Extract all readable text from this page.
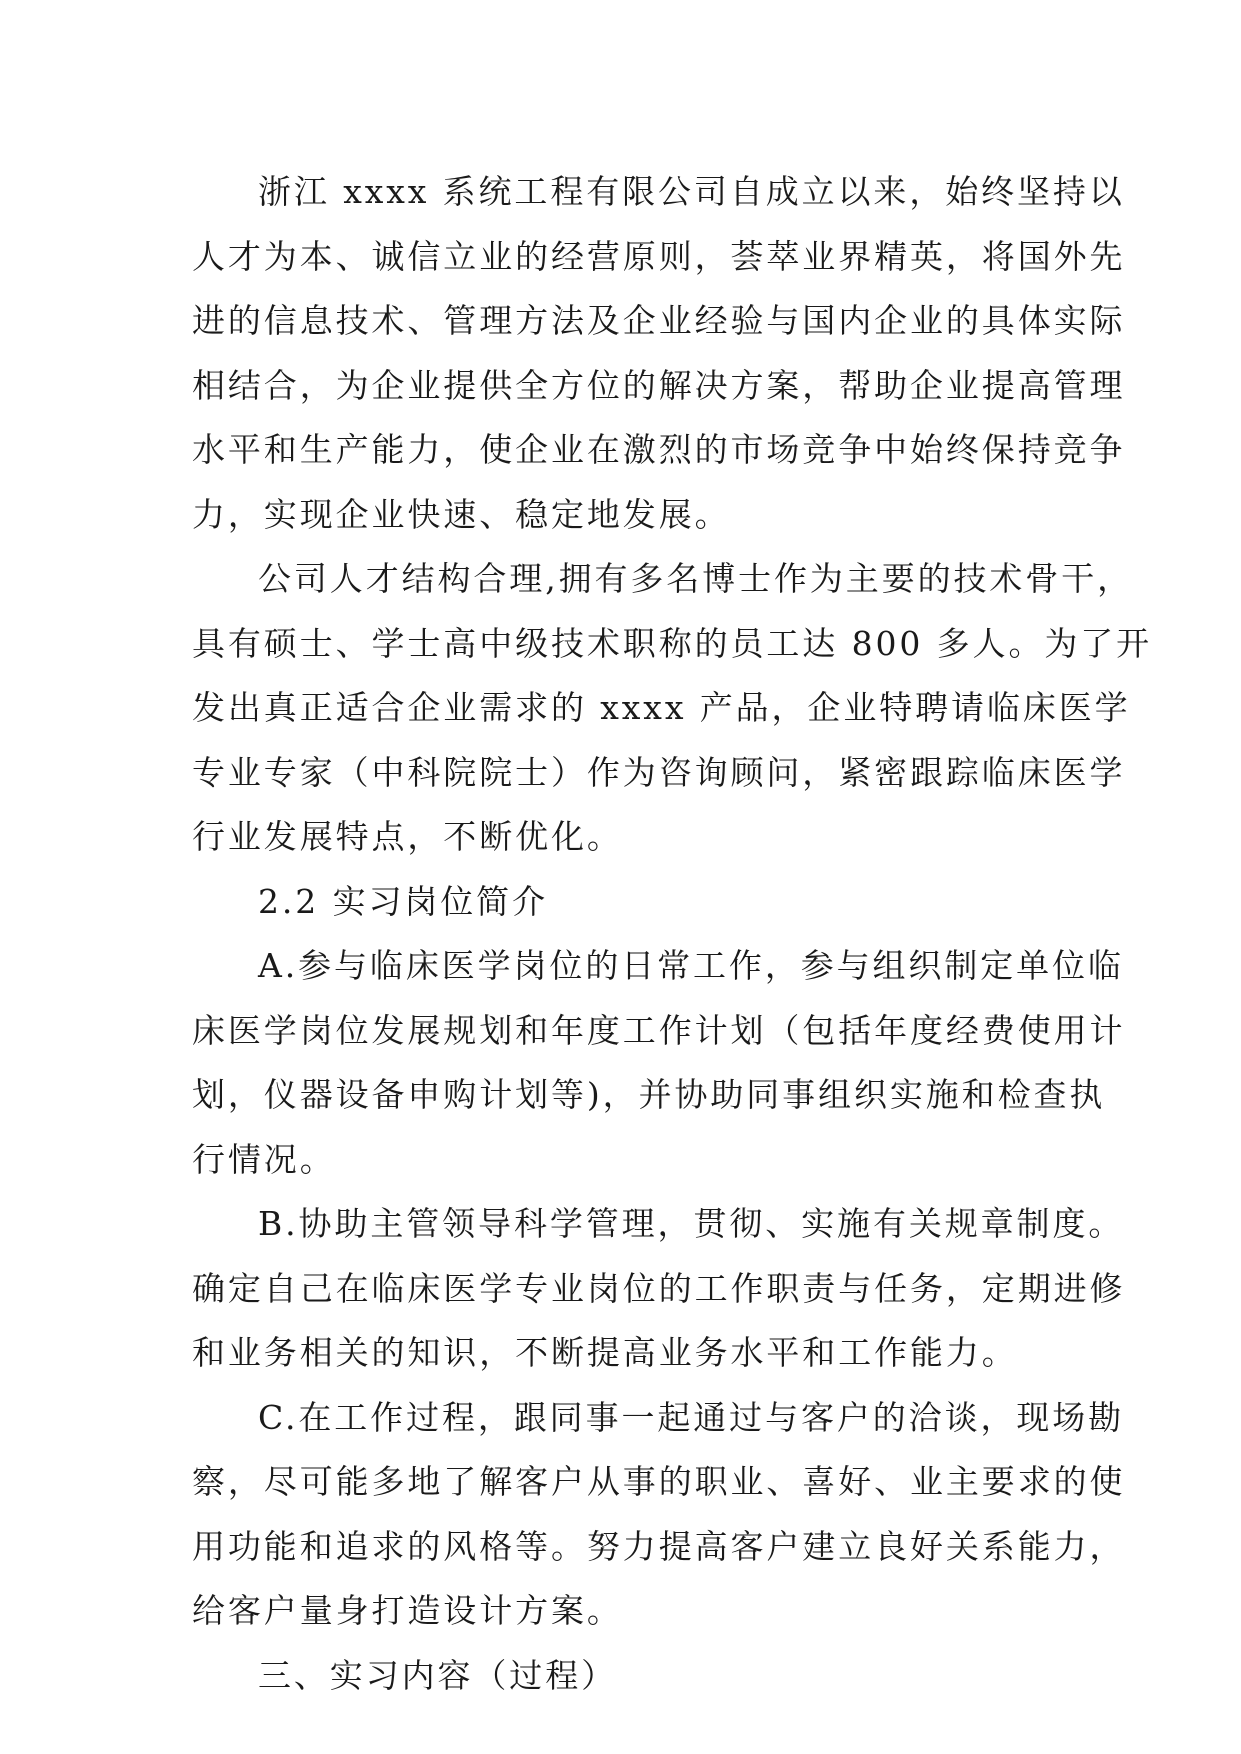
浙江 xxxx 系统工程有限公司自成立以来，始终坚持以
人才为本、诚信立业的经营原则，荟萃业界精英，将国外先
进的信息技术、管理方法及企业经验与国内企业的具体实际
相结合，为企业提供全方位的解决方案，帮助企业提高管理
水平和生产能力，使企业在激烈的市场竞争中始终保持竞争
力，实现企业快速、稳定地发展。

公司人才结构合理,拥有多名博士作为主要的技术骨干，
具有硕士、学士高中级技术职称的员工达 800 多人。为了开
发出真正适合企业需求的 xxxx 产品，企业特聘请临床医学
专业专家（中科院院士）作为咨询顾问，紧密跟踪临床医学
行业发展特点，不断优化。

2.2 实习岗位简介

A.参与临床医学岗位的日常工作，参与组织制定单位临
床医学岗位发展规划和年度工作计划（包括年度经费使用计
划，仪器设备申购计划等)，并协助同事组织实施和检查执
行情况。

B.协助主管领导科学管理，贯彻、实施有关规章制度。
确定自己在临床医学专业岗位的工作职责与任务，定期进修
和业务相关的知识，不断提高业务水平和工作能力。

C.在工作过程，跟同事一起通过与客户的洽谈，现场勘
察，尽可能多地了解客户从事的职业、喜好、业主要求的使
用功能和追求的风格等。努力提高客户建立良好关系能力，
给客户量身打造设计方案。

三、实习内容（过程）
